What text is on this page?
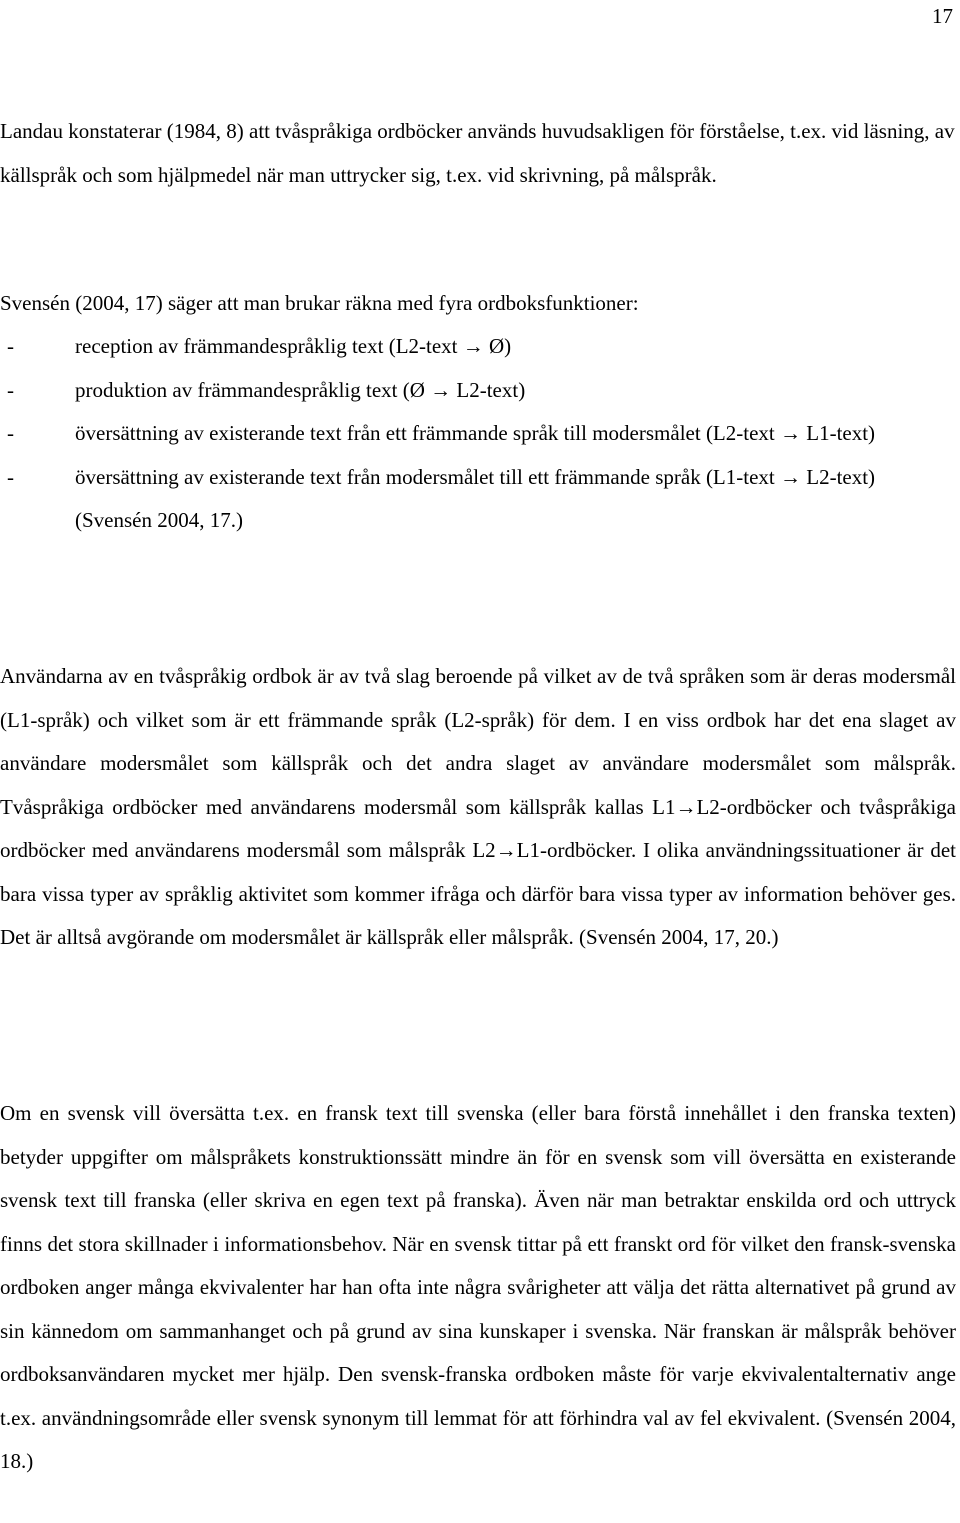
17

Landau konstaterar (1984, 8) att tvåspråkiga ordböcker används huvudsakligen för förståelse, t.ex. vid läsning, av källspråk och som hjälpmedel när man uttrycker sig, t.ex. vid skrivning, på målspråk.

Svensén (2004, 17) säger att man brukar räkna med fyra ordboksfunktioner:
-	reception av främmandespråklig text (L2-text → Ø)
-	produktion av främmandespråklig text (Ø → L2-text)
-	översättning av existerande text från ett främmande språk till modersmålet (L2-text → L1-text)
-	översättning av existerande text från modersmålet till ett främmande språk (L1-text → L2-text) (Svensén 2004, 17.)

Användarna av en tvåspråkig ordbok är av två slag beroende på vilket av de två språken som är deras modersmål (L1-språk) och vilket som är ett främmande språk (L2-språk) för dem. I en viss ordbok har det ena slaget av användare modersmålet som källspråk och det andra slaget av användare modersmålet som målspråk. Tvåspråkiga ordböcker med användarens modersmål som källspråk kallas L1→L2-ordböcker och tvåspråkiga ordböcker med användarens modersmål som målspråk L2→L1-ordböcker. I olika användningssituationer är det bara vissa typer av språklig aktivitet som kommer ifråga och därför bara vissa typer av information behöver ges. Det är alltså avgörande om modersmålet är källspråk eller målspråk. (Svensén 2004, 17, 20.)

Om en svensk vill översätta t.ex. en fransk text till svenska (eller bara förstå innehållet i den franska texten) betyder uppgifter om målspråkets konstruktionssätt mindre än för en svensk som vill översätta en existerande svensk text till franska (eller skriva en egen text på franska). Även när man betraktar enskilda ord och uttryck finns det stora skillnader i informationsbehov. När en svensk tittar på ett franskt ord för vilket den fransk-svenska ordboken anger många ekvivalenter har han ofta inte några svårigheter att välja det rätta alternativet på grund av sin kännedom om sammanhanget och på grund av sina kunskaper i svenska. När franskan är målspråk behöver ordboksanvändaren mycket mer hjälp. Den svensk-franska ordboken måste för varje ekvivalentalternativ ange t.ex. användningsområde eller svensk synonym till lemmat för att förhindra val av fel ekvivalent. (Svensén 2004, 18.)
